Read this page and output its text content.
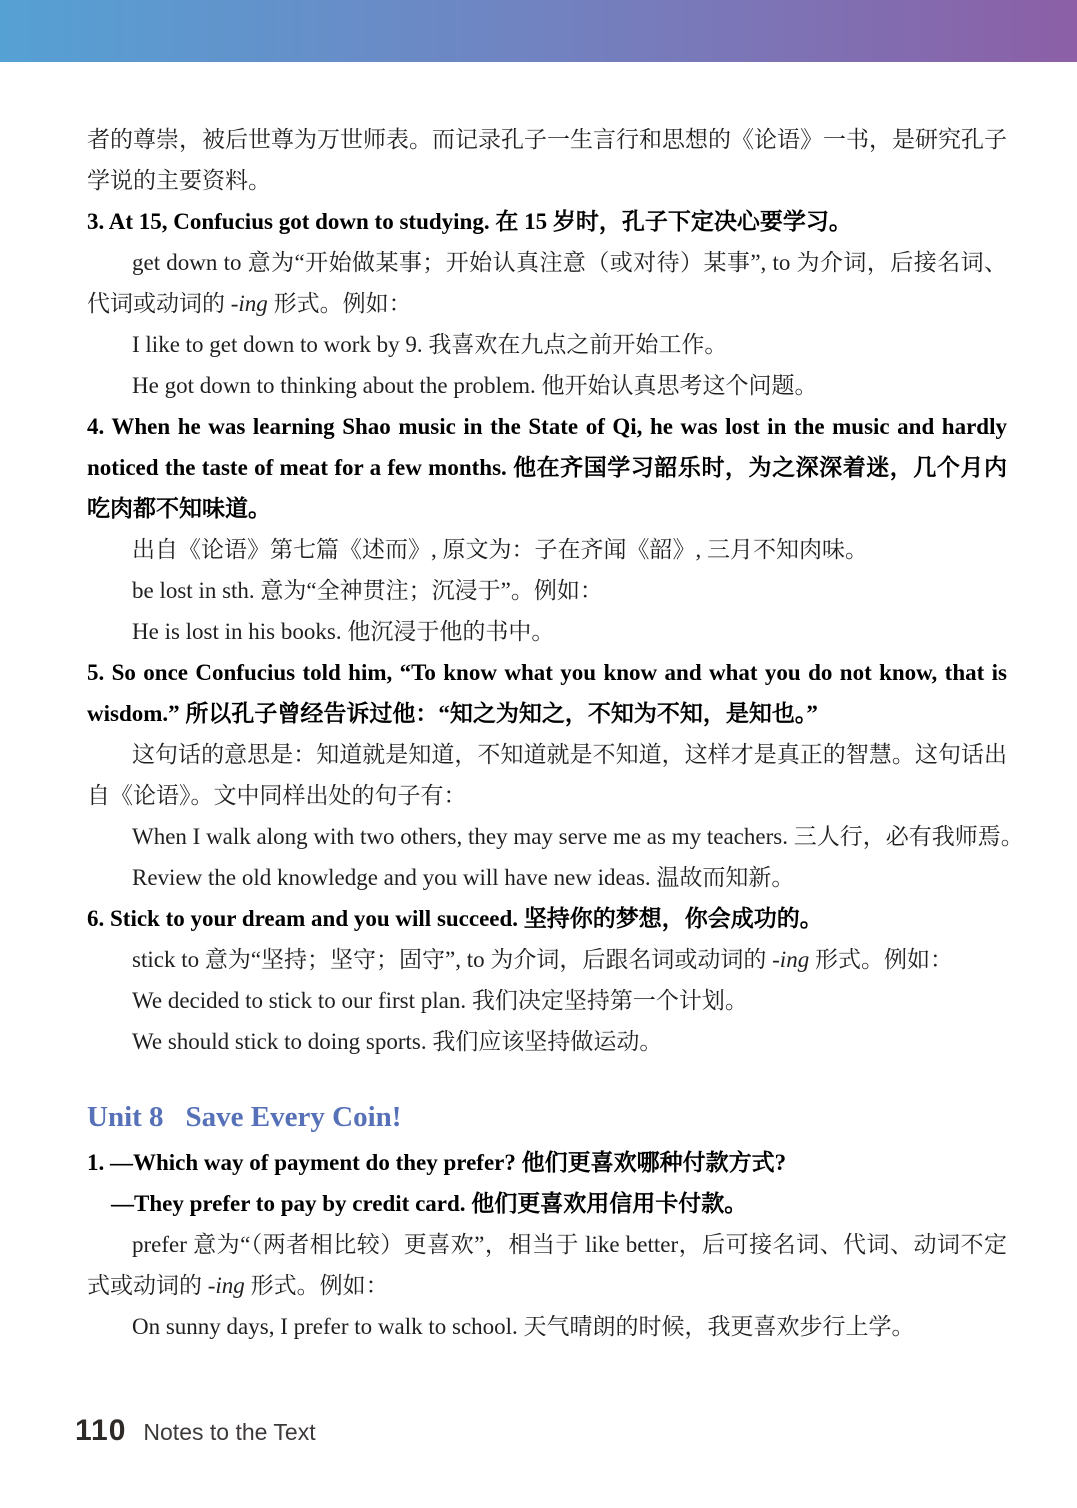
者的尊崇，被后世尊为万世师表。而记录孔子一生言行和思想的《论语》一书，是研究孔子学说的主要资料。

3. At 15, Confucius got down to studying. 在 15 岁时，孔子下定决心要学习。

get down to 意为“开始做某事；开始认真注意（或对待）某事”, to 为介词，后接名词、代词或动词的 -ing 形式。例如：

I like to get down to work by 9. 我喜欢在九点之前开始工作。

He got down to thinking about the problem. 他开始认真思考这个问题。

4. When he was learning Shao music in the State of Qi, he was lost in the music and hardly noticed the taste of meat for a few months. 他在齐国学习韶乐时，为之深深着迷，几个月内吃肉都不知味道。

出自《论语》第七篇《述而》, 原文为：子在齐闻《韶》, 三月不知肉味。

be lost in sth. 意为“全神贯注；沉浸于”。例如：

He is lost in his books. 他沉浸于他的书中。

5. So once Confucius told him, “To know what you know and what you do not know, that is wisdom.” 所以孔子曾经告诉过他：“知之为知之，不知为不知，是知也。”

这句话的意思是：知道就是知道，不知道就是不知道，这样才是真正的智慧。这句话出自《论语》。文中同样出处的句子有：

When I walk along with two others, they may serve me as my teachers. 三人行，必有我师焉。

Review the old knowledge and you will have new ideas. 温故而知新。

6. Stick to your dream and you will succeed. 坚持你的梦想，你会成功的。

stick to 意为“坚持；坚守；固守”, to 为介词，后跟名词或动词的 -ing 形式。例如：

We decided to stick to our first plan. 我们决定坚持第一个计划。

We should stick to doing sports. 我们应该坚持做运动。

Unit 8 Save Every Coin!

1. —Which way of payment do they prefer? 他们更喜欢哪种付款方式?

—They prefer to pay by credit card. 他们更喜欢用信用卡付款。

prefer 意为“（两者相比较）更喜欢”，相当于 like better，后可接名词、代词、动词不定式或动词的 -ing 形式。例如：

On sunny days, I prefer to walk to school. 天气晴朗的时候，我更喜欢步行上学。

110 Notes to the Text
